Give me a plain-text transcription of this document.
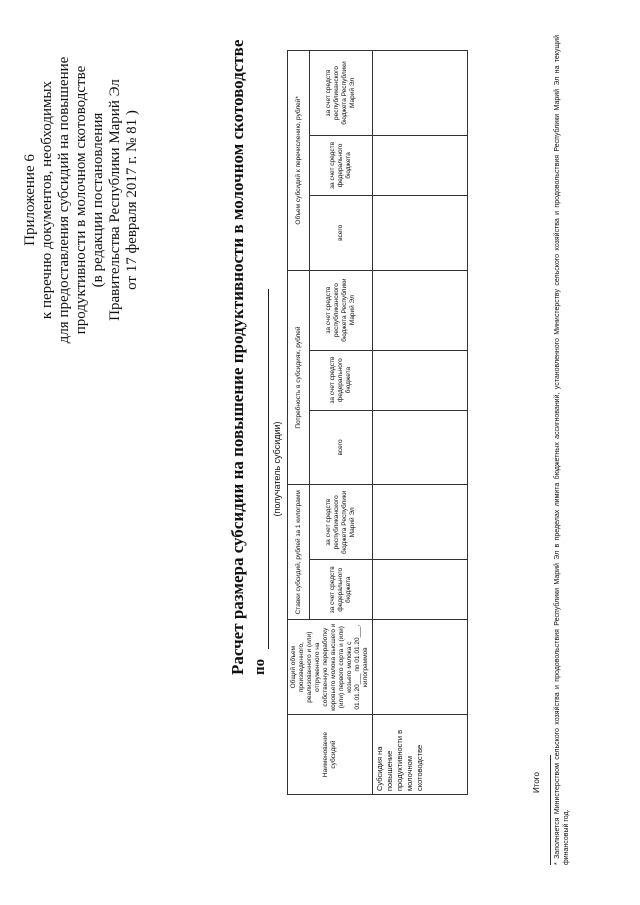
Приложение 6 к перечню документов, необходимых для предоставления субсидий на повышение продуктивности в молочном скотоводстве (в редакции постановления Правительства Республики Марий Эл от 17 февраля 2017 г. № 81 )	Расчет размера субсидии на повышение продуктивности в молочном скотоводстве по
(получатель субсидии)
Наименование субсидий	Общий объем произведенного, реализованного и (или) отгруженного на собственную переработку коровьего молока высшего и (или) первого сорта и (или) козьего молока с 01.01.20___ по 01.01.20___, килограммов	Ставки субсидий, рублей за 1 килограмм		Потребность в субсидиях, рублей			Объем субсидий к перечислению, рублей*		
		за счет средств федерального бюджета	за счет средств республиканского бюджета Республики Марий Эл	всего	за счет средств федерального бюджета	за счет средств республиканского бюджета Республики Марий Эл	всего	за счет средств федерального бюджета	за счет средств республиканского бюджета Республики Марий Эл

Субсидия на повышение продуктивности в молочном скотоводстве									
										Итого * Заполняется Министерством сельского хозяйства и продовольствия Республики Марий Эл в пределах лимита бюджетных ассигнований, установленного Министерству сельского хозяйства и продовольствия Республики Марий Эл на текущий финансовый год.
